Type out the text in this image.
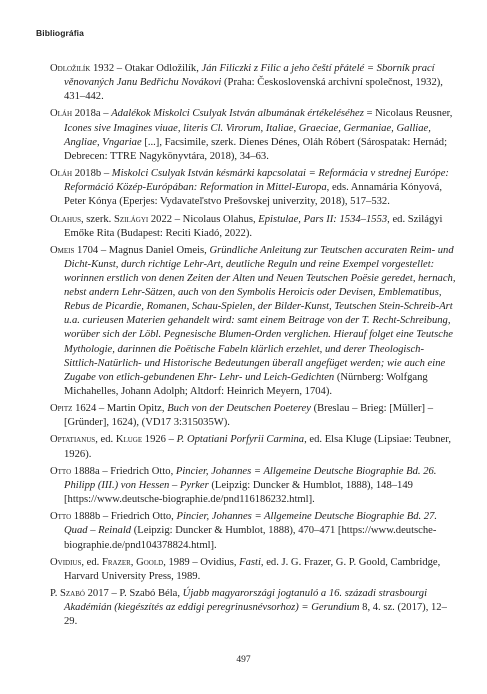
Bibliográfia
Odložilík 1932 – Otakar Odložilík, Ján Filiczki z Filic a jeho čeští přátelé = Sborník prací věnovaných Janu Bedřichu Novákovi (Praha: Československá archivní společnost, 1932), 431–442.
Oláh 2018a – Adalékok Miskolci Csulyak István albumának értékeléséhez = Nicolaus Reusner, Icones sive Imagines viuae, literis Cl. Virorum, Italiae, Graeciae, Germaniae, Galliae, Angliae, Vngariae [...], Facsimile, szerk. Dienes Dénes, Oláh Róbert (Sárospatak: Hernád; Debrecen: TTRE Nagykönyvtára, 2018), 34–63.
Oláh 2018b – Miskolci Csulyak István késmárki kapcsolatai = Reformácia v strednej Európe: Reformáció Közép-Európában: Reformation in Mittel-Europa, eds. Annamária Kónyová, Peter Kónya (Eperjes: Vydavateľstvo Prešovskej univerzity, 2018), 517–532.
Olahus, szerk. Szilágyi 2022 – Nicolaus Olahus, Epistulae, Pars II: 1534–1553, ed. Szilágyi Emőke Rita (Budapest: Reciti Kiadó, 2022).
Omeis 1704 – Magnus Daniel Omeis, Gründliche Anleitung zur Teutschen accuraten Reim- und Dicht-Kunst, durch richtige Lehr-Art, deutliche Reguln und reine Exempel vorgestellet: worinnen erstlich von denen Zeiten der Alten und Neuen Teutschen Poësie geredet, hernach, nebst andern Lehr-Sätzen, auch von den Symbolis Heroicis oder Devisen, Emblematibus, Rebus de Picardie, Romanen, Schau-Spielen, der Bilder-Kunst, Teutschen Stein-Schreib-Art u.a. curieusen Materien gehandelt wird: samt einem Beitrage von der T. Recht-Schreibung, worüber sich der Löbl. Pegnesische Blumen-Orden verglichen. Hierauf folget eine Teutsche Mythologie, darinnen die Poëtische Fabeln klärlich erzehlet, und derer Theologisch-Sittlich-Natürlich- und Historische Bedeutungen überall angefüget werden; wie auch eine Zugabe von etlich-gebundenen Ehr- Lehr- und Leich-Gedichten (Nürnberg: Wolfgang Michahelles, Johann Adolph; Altdorf: Heinrich Meyern, 1704).
Opitz 1624 – Martin Opitz, Buch von der Deutschen Poeterey (Breslau – Brieg: [Müller] – [Gründer], 1624), (VD17 3:315035W).
Optatianus, ed. Kluge 1926 – P. Optatiani Porfyrii Carmina, ed. Elsa Kluge (Lipsiae: Teubner, 1926).
Otto 1888a – Friedrich Otto, Pincier, Johannes = Allgemeine Deutsche Biographie Bd. 26. Philipp (III.) von Hessen – Pyrker (Leipzig: Duncker & Humblot, 1888), 148–149 [https://www.deutsche-biographie.de/pnd116186232.html].
Otto 1888b – Friedrich Otto, Pincier, Johannes = Allgemeine Deutsche Biographie Bd. 27. Quad – Reinald (Leipzig: Duncker & Humblot, 1888), 470–471 [https://www.deutsche-biographie.de/pnd104378824.html].
Ovidius, ed. Frazer, Goold, 1989 – Ovidius, Fasti, ed. J. G. Frazer, G. P. Goold, Cambridge, Harvard University Press, 1989.
P. Szabó 2017 – P. Szabó Béla, Újabb magyarországi jogtanuló a 16. századi strasbourgi Akadémián (kiegészítés az eddigi peregrinusnévsorhoz) = Gerundium 8, 4. sz. (2017), 12–29.
497
